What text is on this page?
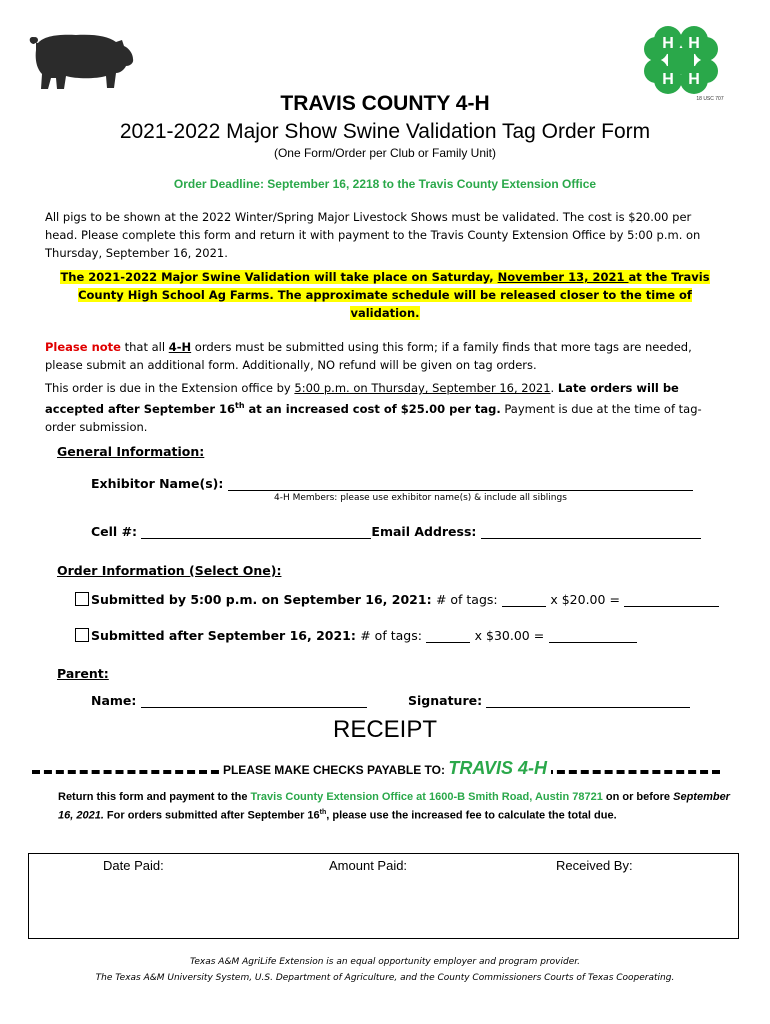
H H
H H
18 USC 707
TRAVIS COUNTY 4-H
2021-2022 Major Show Swine Validation Tag Order Form
(One Form/Order per Club or Family Unit)
Order Deadline: September 16, 2218 to the Travis County Extension Office
All pigs to be shown at the 2022 Winter/Spring Major Livestock Shows must be validated. The cost is $20.00 per head. Please complete this form and return it with payment to the Travis County Extension Office by 5:00 p.m. on Thursday, September 16, 2021.
The 2021-2022 Major Swine Validation will take place on Saturday, November 13, 2021 at the Travis County High School Ag Farms. The approximate schedule will be released closer to the time of validation.
Please note that all 4-H orders must be submitted using this form; if a family finds that more tags are needed, please submit an additional form. Additionally, NO refund will be given on tag orders.
This order is due in the Extension office by 5:00 p.m. on Thursday, September 16, 2021. Late orders will be accepted after September 16th at an increased cost of $25.00 per tag. Payment is due at the time of tag-order submission.
General Information:
Exhibitor Name(s):
4-H Members: please use exhibitor name(s) & include all siblings
Cell #:	Email Address:
Order Information (Select One):
Submitted by 5:00 p.m. on September 16, 2021: # of tags:	x $20.00 =
Submitted after September 16, 2021: # of tags:	x $30.00 =
Parent:
Name:	Signature:
RECEIPT
PLEASE MAKE CHECKS PAYABLE TO: TRAVIS 4-H
Return this form and payment to the Travis County Extension Office at 1600-B Smith Road, Austin 78721 on or before September 16, 2021. For orders submitted after September 16th, please use the increased fee to calculate the total due.
Date Paid:	Amount Paid:	Received By:
Texas A&M AgriLife Extension is an equal opportunity employer and program provider.
The Texas A&M University System, U.S. Department of Agriculture, and the County Commissioners Courts of Texas Cooperating.
